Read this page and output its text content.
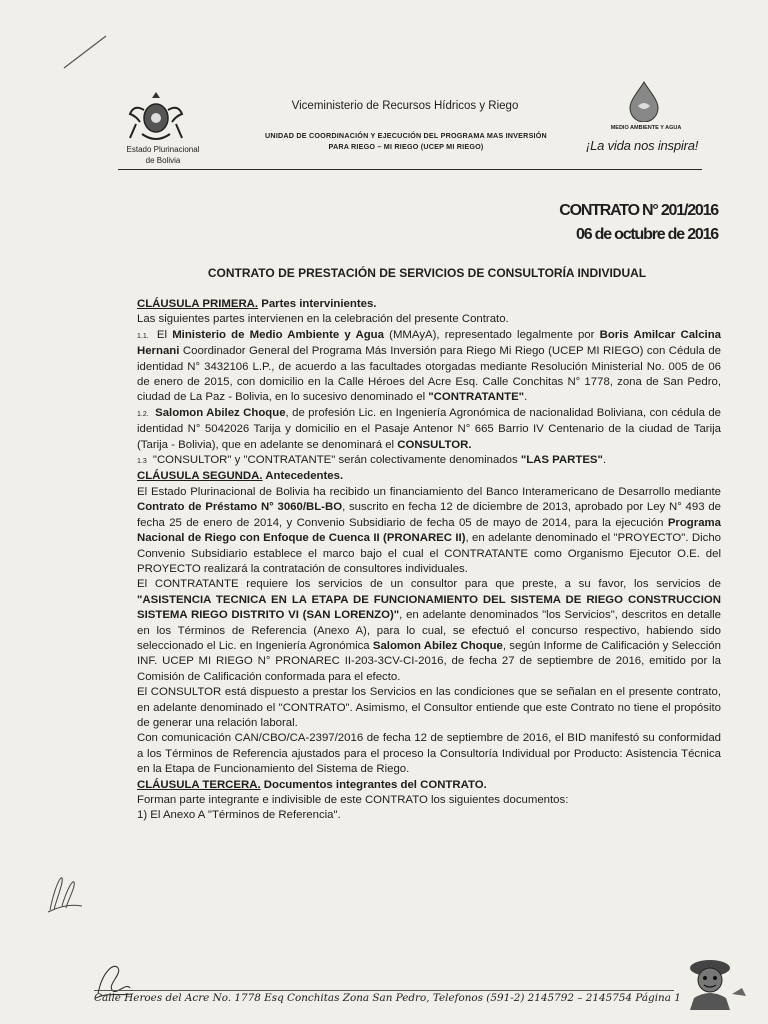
Estado Plurinacional
de Bolivia
Viceministerio de Recursos Hídricos y Riego
UNIDAD DE COORDINACIÓN Y EJECUCIÓN DEL PROGRAMA MAS INVERSIÓN
PARA RIEGO – MI RIEGO (UCEP MI RIEGO)
MEDIO AMBIENTE Y AGUA
¡La vida nos inspira!
CONTRATO N° 201/2016
06 de octubre de 2016
CONTRATO DE PRESTACIÓN DE SERVICIOS DE CONSULTORÍA INDIVIDUAL

CLÁUSULA PRIMERA. Partes intervinientes.

Las siguientes partes intervienen en la celebración del presente Contrato.

1.1. El Ministerio de Medio Ambiente y Agua (MMAyA), representado legalmente por Boris Amilcar Calcina Hernani Coordinador General del Programa Más Inversión para Riego Mi Riego (UCEP MI RIEGO) con Cédula de identidad N° 3432106 L.P., de acuerdo a las facultades otorgadas mediante Resolución Ministerial No. 005 de 06 de enero de 2015, con domicilio en la Calle Héroes del Acre Esq. Calle Conchitas N° 1778, zona de San Pedro, ciudad de La Paz - Bolivia, en lo sucesivo denominado el "CONTRATANTE".

1.2. Salomon Abilez Choque, de profesión Lic. en Ingeniería Agronómica de nacionalidad Boliviana, con cédula de identidad N° 5042026 Tarija y domicilio en el Pasaje Antenor N° 665 Barrio IV Centenario de la ciudad de Tarija (Tarija - Bolivia), que en adelante se denominará el CONSULTOR.

1.3 "CONSULTOR" y "CONTRATANTE" serán colectivamente denominados "LAS PARTES".

CLÁUSULA SEGUNDA. Antecedentes.

El Estado Plurinacional de Bolivia ha recibido un financiamiento del Banco Interamericano de Desarrollo mediante Contrato de Préstamo N° 3060/BL-BO, suscrito en fecha 12 de diciembre de 2013, aprobado por Ley N° 493 de fecha 25 de enero de 2014, y Convenio Subsidiario de fecha 05 de mayo de 2014, para la ejecución Programa Nacional de Riego con Enfoque de Cuenca II (PRONAREC II), en adelante denominado el "PROYECTO". Dicho Convenio Subsidiario establece el marco bajo el cual el CONTRATANTE como Organismo Ejecutor O.E. del PROYECTO realizará la contratación de consultores individuales.

El CONTRATANTE requiere los servicios de un consultor para que preste, a su favor, los servicios de "ASISTENCIA TECNICA EN LA ETAPA DE FUNCIONAMIENTO DEL SISTEMA DE RIEGO CONSTRUCCION SISTEMA RIEGO DISTRITO VI (SAN LORENZO)", en adelante denominados "los Servicios", descritos en detalle en los Términos de Referencia (Anexo A), para lo cual, se efectuó el concurso respectivo, habiendo sido seleccionado el Lic. en Ingeniería Agronómica Salomon Abilez Choque, según Informe de Calificación y Selección INF. UCEP MI RIEGO N° PRONAREC II-203-3CV-CI-2016, de fecha 27 de septiembre de 2016, emitido por la Comisión de Calificación conformada para el efecto.

El CONSULTOR está dispuesto a prestar los Servicios en las condiciones que se señalan en el presente contrato, en adelante denominado el "CONTRATO". Asimismo, el Consultor entiende que este Contrato no tiene el propósito de generar una relación laboral.

Con comunicación CAN/CBO/CA-2397/2016 de fecha 12 de septiembre de 2016, el BID manifestó su conformidad a los Términos de Referencia ajustados para el proceso la Consultoría Individual por Producto: Asistencia Técnica en la Etapa de Funcionamiento del Sistema de Riego.

CLÁUSULA TERCERA. Documentos integrantes del CONTRATO.

Forman parte integrante e indivisible de este CONTRATO los siguientes documentos:

1) El Anexo A "Términos de Referencia".

Calle Heroes del Acre No. 1778 Esq Conchitas Zona San Pedro, Telefonos (591-2) 2145792 – 2145754 Página 1
